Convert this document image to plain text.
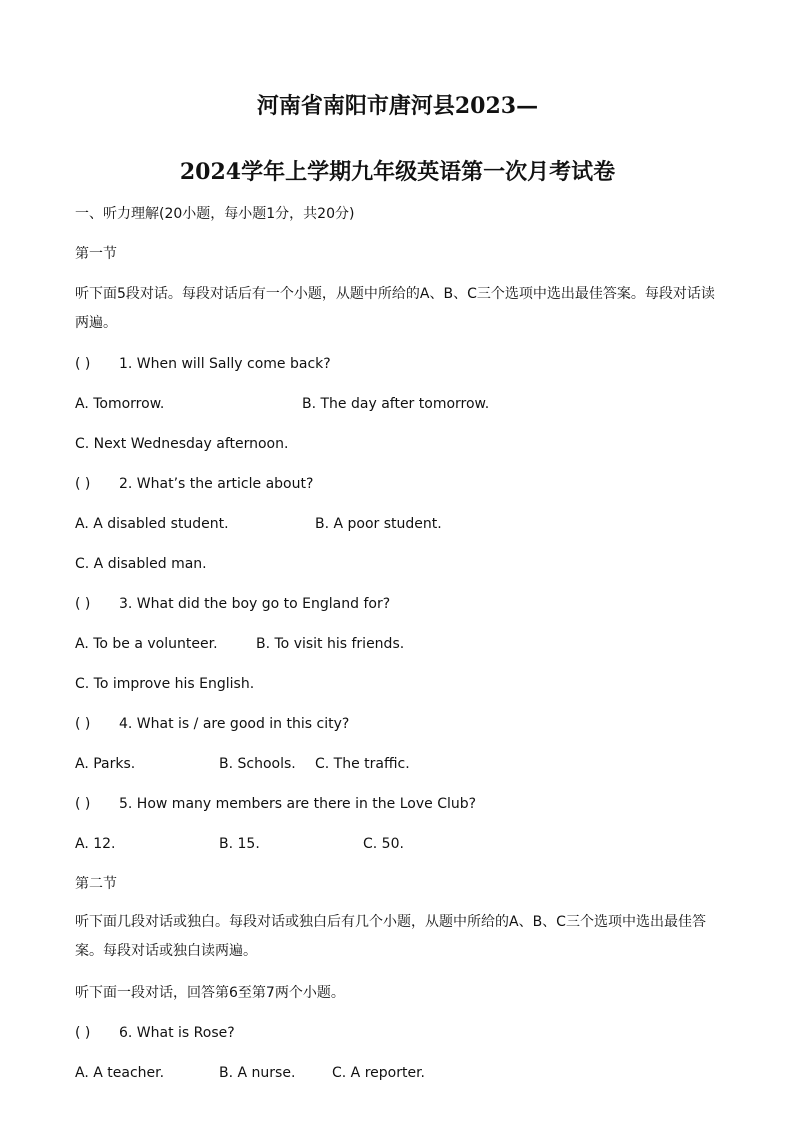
河南省南阳市唐河县2023—
2024学年上学期九年级英语第一次月考试卷
一、听力理解(20小题，每小题1分，共20分)
第一节
听下面5段对话。每段对话后有一个小题，从题中所给的A、B、C三个选项中选出最佳答案。每段对话读两遍。
( ) 1. When will Sally come back?
A. Tomorrow.	B. The day after tomorrow.
C. Next Wednesday afternoon.
( ) 2. What’s the article about?
A. A disabled student.	B. A poor student.
C. A disabled man.
( ) 3. What did the boy go to England for?
A. To be a volunteer.	B. To visit his friends.
C. To improve his English.
( ) 4. What is / are good in this city?
A. Parks.	B. Schools. C. The traffic.
( ) 5. How many members are there in the Love Club?
A. 12.	B. 15.	C. 50.
第二节
听下面几段对话或独白。每段对话或独白后有几个小题，从题中所给的A、B、C三个选项中选出最佳答案。每段对话或独白读两遍。
听下面一段对话，回答第6至第7两个小题。
( ) 6. What is Rose?
A. A teacher.	B. A nurse.	C. A reporter.
